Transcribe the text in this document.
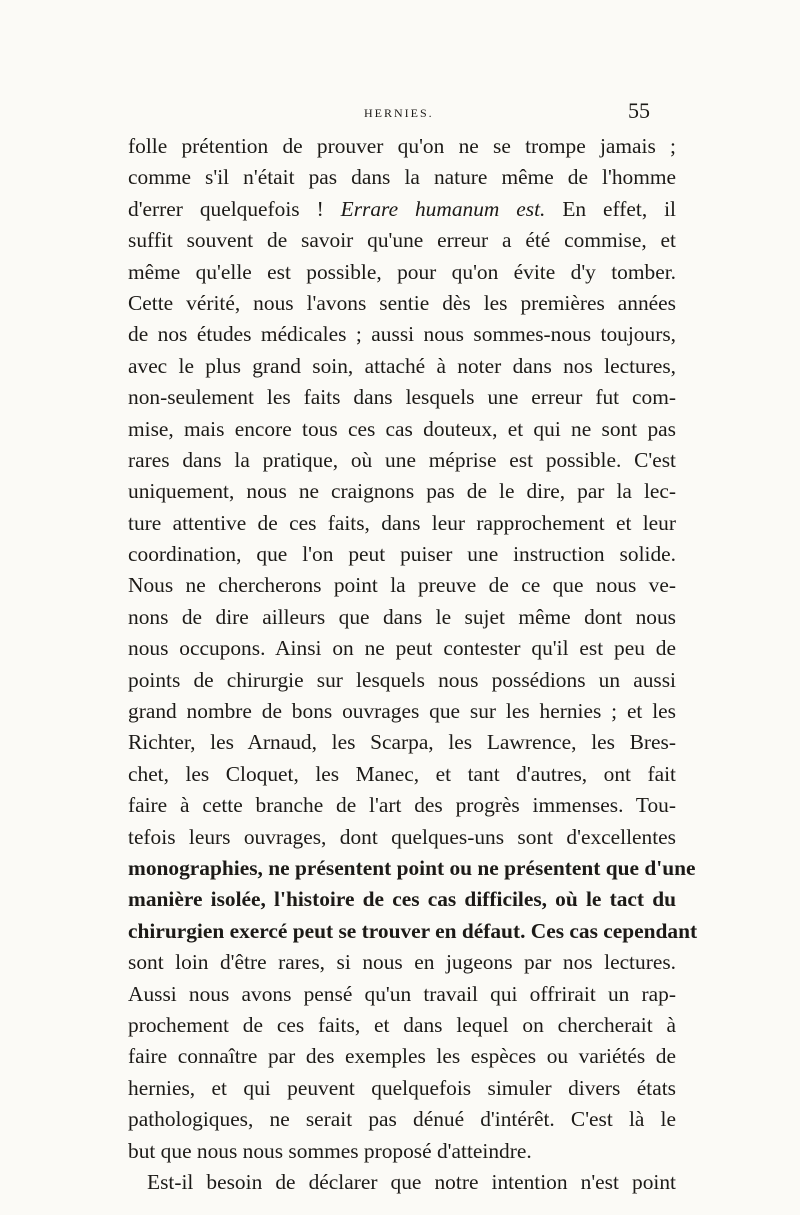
HERNIES.	55
folle prétention de prouver qu'on ne se trompe jamais ;
comme s'il n'était pas dans la nature même de l'homme
d'errer quelquefois ! Errare humanum est. En effet, il
suffit souvent de savoir qu'une erreur a été commise, et
même qu'elle est possible, pour qu'on évite d'y tomber.
Cette vérité, nous l'avons sentie dès les premières années
de nos études médicales ; aussi nous sommes-nous toujours,
avec le plus grand soin, attaché à noter dans nos lectures,
non-seulement les faits dans lesquels une erreur fut com-
mise, mais encore tous ces cas douteux, et qui ne sont pas
rares dans la pratique, où une méprise est possible. C'est
uniquement, nous ne craignons pas de le dire, par la lec-
ture attentive de ces faits, dans leur rapprochement et leur
coordination, que l'on peut puiser une instruction solide.
Nous ne chercherons point la preuve de ce que nous ve-
nons de dire ailleurs que dans le sujet même dont nous
nous occupons. Ainsi on ne peut contester qu'il est peu de
points de chirurgie sur lesquels nous possédions un aussi
grand nombre de bons ouvrages que sur les hernies ; et les
Richter, les Arnaud, les Scarpa, les Lawrence, les Bres-
chet, les Cloquet, les Manec, et tant d'autres, ont fait
faire à cette branche de l'art des progrès immenses. Tou-
tefois leurs ouvrages, dont quelques-uns sont d'excellentes
monographies, ne présentent point ou ne présentent que d'une
manière isolée, l'histoire de ces cas difficiles, où le tact du
chirurgien exercé peut se trouver en défaut. Ces cas cependant
sont loin d'être rares, si nous en jugeons par nos lectures.
Aussi nous avons pensé qu'un travail qui offrirait un rap-
prochement de ces faits, et dans lequel on chercherait à
faire connaître par des exemples les espèces ou variétés de
hernies, et qui peuvent quelquefois simuler divers états
pathologiques, ne serait pas dénué d'intérêt. C'est là le
but que nous nous sommes proposé d'atteindre.
Est-il besoin de déclarer que notre intention n'est point
